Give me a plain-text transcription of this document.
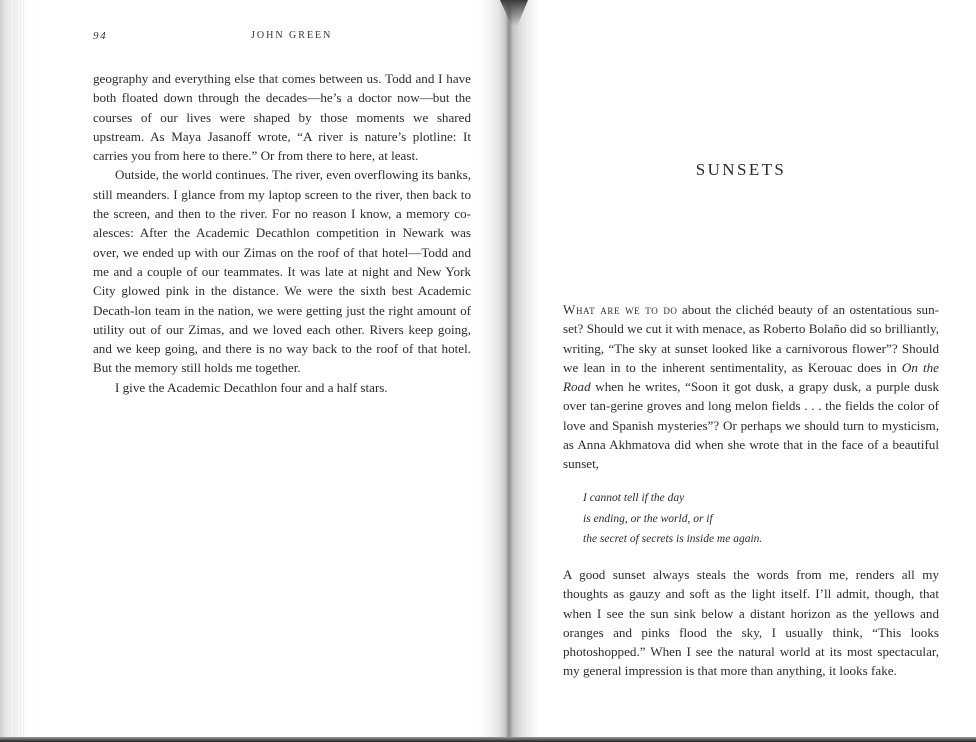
94	JOHN GREEN

geography and everything else that comes between us. Todd and I have both floated down through the decades—he’s a doctor now—but the courses of our lives were shaped by those moments we shared upstream. As Maya Jasanoff wrote, “A river is nature’s plotline: It carries you from here to there.” Or from there to here, at least.

Outside, the world continues. The river, even overflowing its banks, still meanders. I glance from my laptop screen to the river, then back to the screen, and then to the river. For no reason I know, a memory co-alesces: After the Academic Decathlon competition in Newark was over, we ended up with our Zimas on the roof of that hotel—Todd and me and a couple of our teammates. It was late at night and New York City glowed pink in the distance. We were the sixth best Academic Decath-lon team in the nation, we were getting just the right amount of utility out of our Zimas, and we loved each other. Rivers keep going, and we keep going, and there is no way back to the roof of that hotel. But the memory still holds me together.

I give the Academic Decathlon four and a half stars.

SUNSETS

What are we to do about the clichéd beauty of an ostentatious sun-set? Should we cut it with menace, as Roberto Bolaño did so brilliantly, writing, “The sky at sunset looked like a carnivorous flower”? Should we lean in to the inherent sentimentality, as Kerouac does in On the Road when he writes, “Soon it got dusk, a grapy dusk, a purple dusk over tan-gerine groves and long melon fields . . . the fields the color of love and Spanish mysteries”? Or perhaps we should turn to mysticism, as Anna Akhmatova did when she wrote that in the face of a beautiful sunset,

I cannot tell if the day
is ending, or the world, or if
the secret of secrets is inside me again.

A good sunset always steals the words from me, renders all my thoughts as gauzy and soft as the light itself. I’ll admit, though, that when I see the sun sink below a distant horizon as the yellows and oranges and pinks flood the sky, I usually think, “This looks photoshopped.” When I see the natural world at its most spectacular, my general impression is that more than anything, it looks fake.
